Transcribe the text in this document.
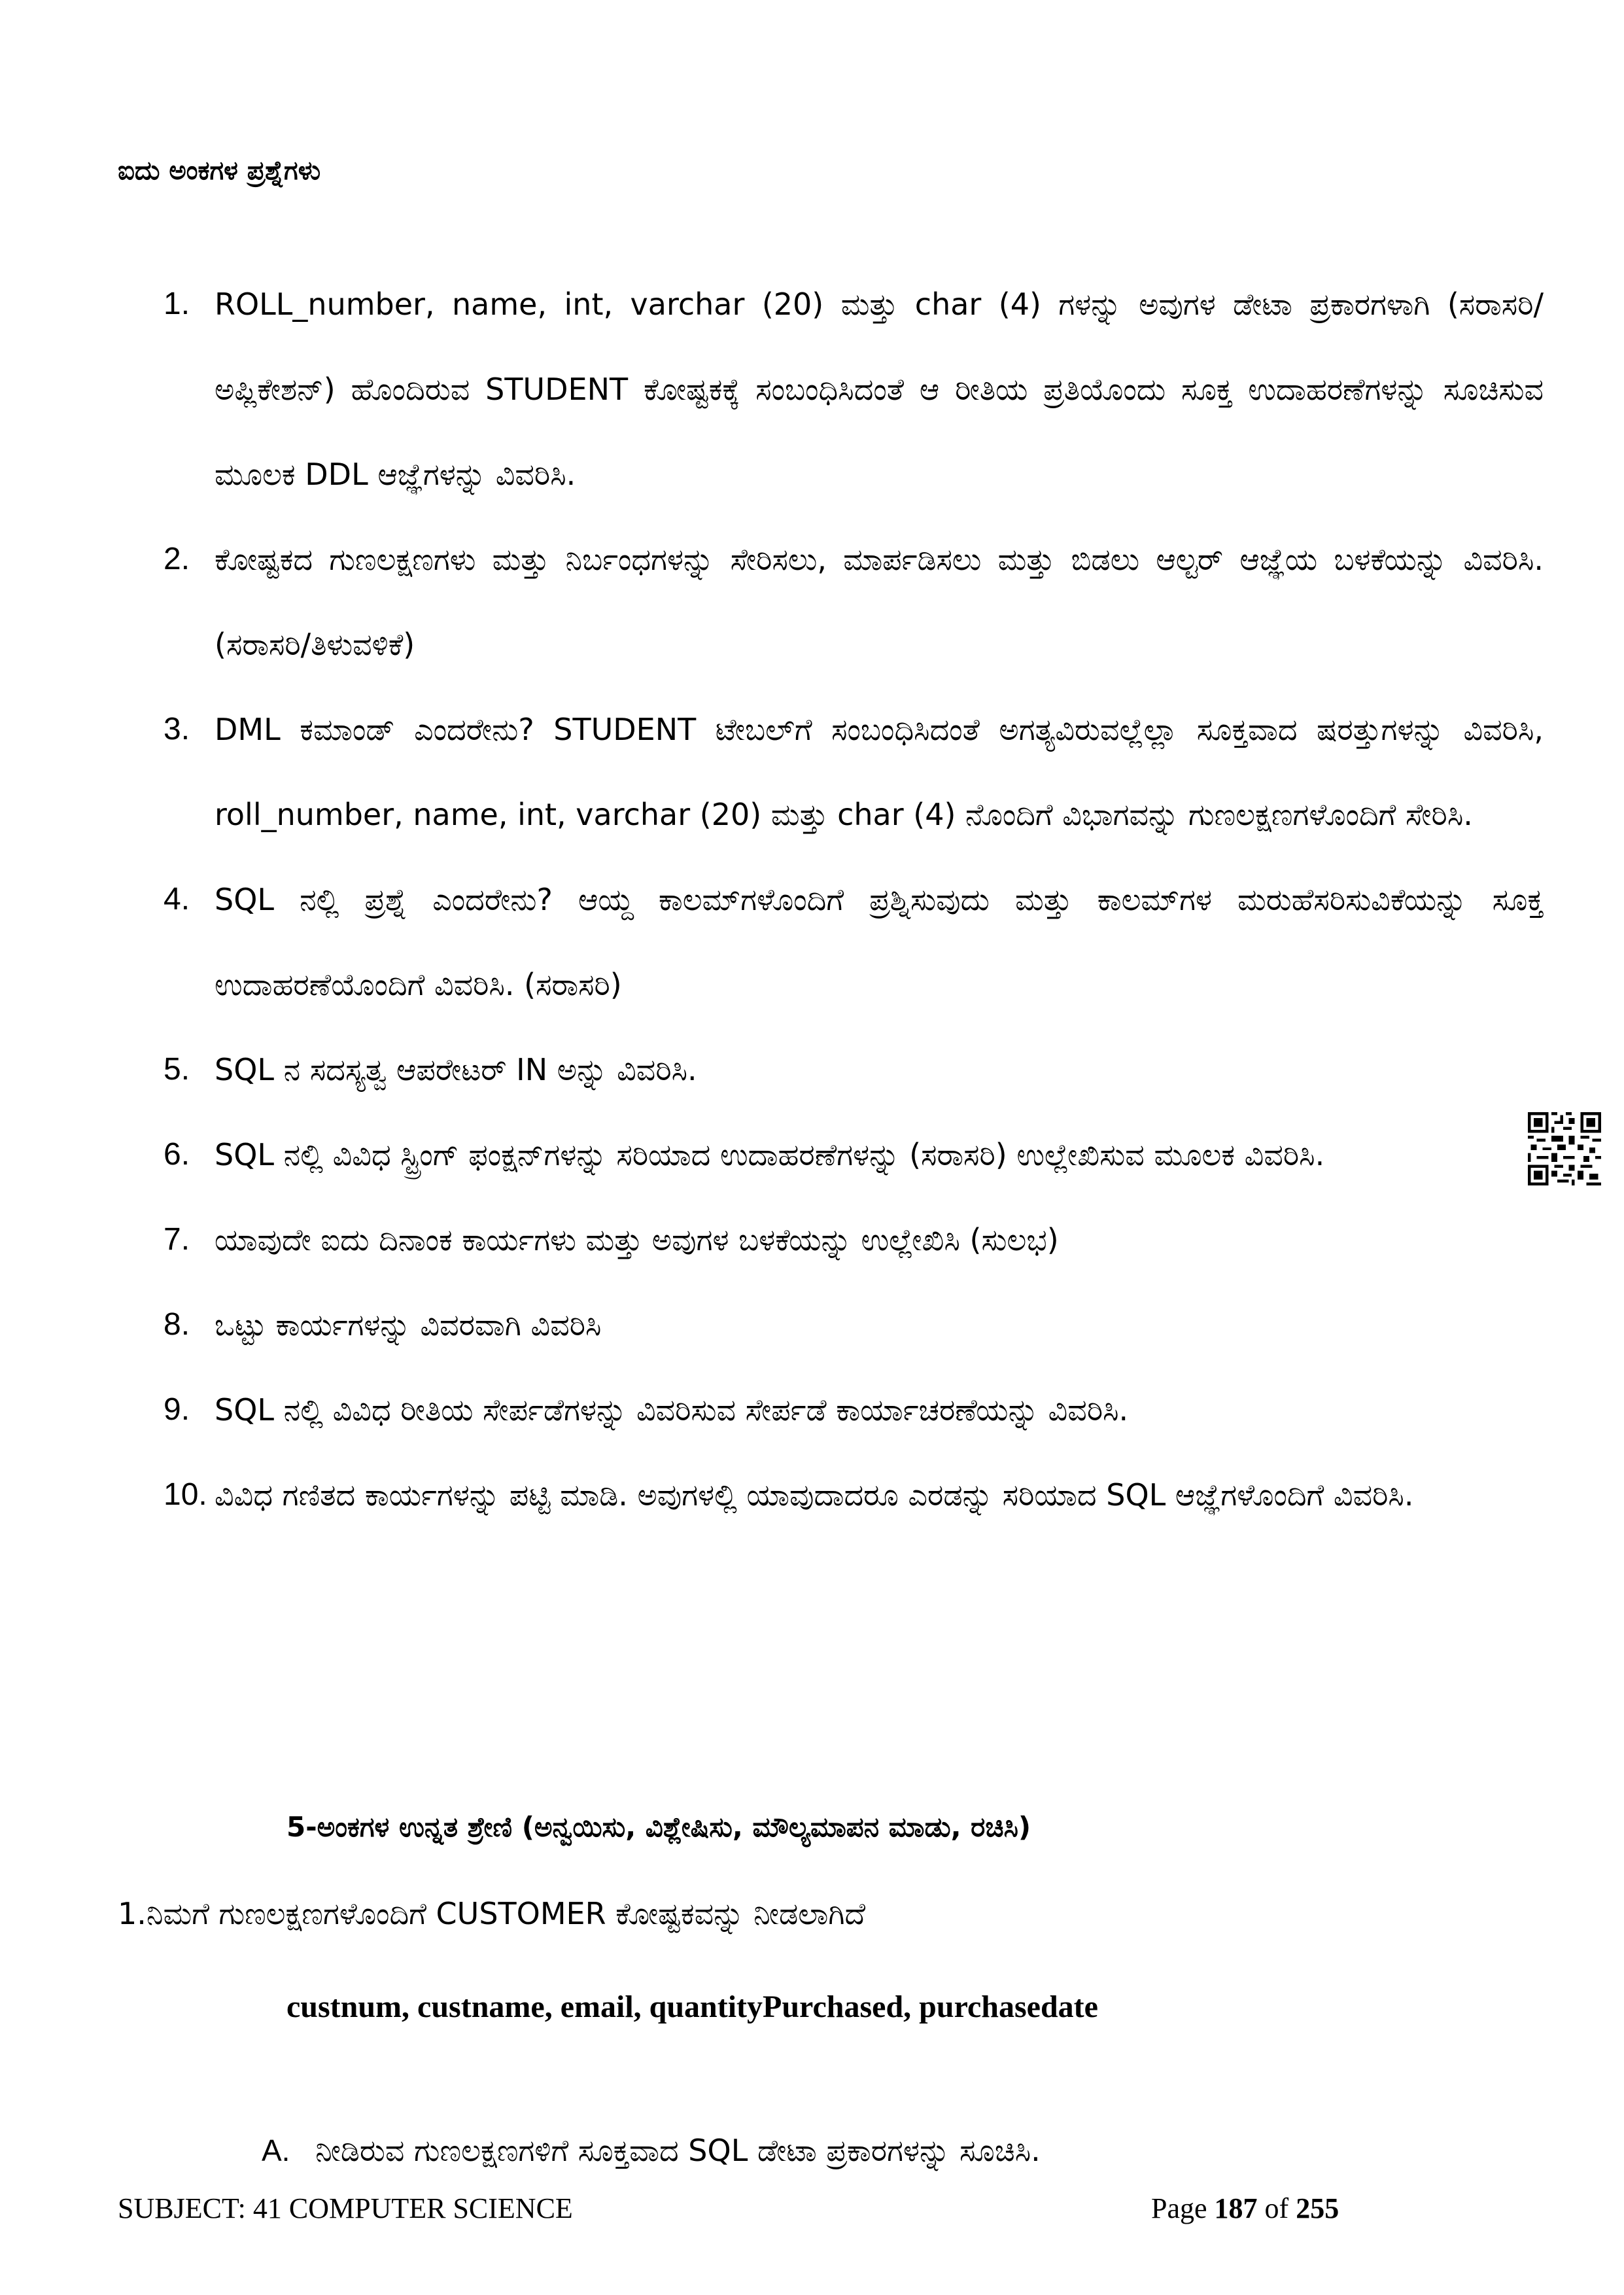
ಐದು ಅಂಕಗಳ ಪ್ರಶ್ನೆಗಳು
1. ROLL_number, name, int, varchar (20) ಮತ್ತು char (4) ಗಳನ್ನು ಅವುಗಳ ಡೇಟಾ ಪ್ರಕಾರಗಳಾಗಿ (ಸರಾಸರಿ/ಅಪ್ಲಿಕೇಶನ್) ಹೊಂದಿರುವ STUDENT ಕೋಷ್ಟಕಕ್ಕೆ ಸಂಬಂಧಿಸಿದಂತೆ ಆ ರೀತಿಯ ಪ್ರತಿಯೊಂದು ಸೂಕ್ತ ಉದಾಹರಣೆಗಳನ್ನು ಸೂಚಿಸುವ ಮೂಲಕ DDL ಆಜ್ಞೆಗಳನ್ನು ವಿವರಿಸಿ.
2. ಕೋಷ್ಟಕದ ಗುಣಲಕ್ಷಣಗಳು ಮತ್ತು ನಿರ್ಬಂಧಗಳನ್ನು ಸೇರಿಸಲು, ಮಾರ್ಪಡಿಸಲು ಮತ್ತು ಬಿಡಲು ಆಲ್ಟರ್ ಆಜ್ಞೆಯ ಬಳಕೆಯನ್ನು ವಿವರಿಸಿ. (ಸರಾಸರಿ/ತಿಳುವಳಿಕೆ)
3. DML ಕಮಾಂಡ್ ಎಂದರೇನು? STUDENT ಟೇಬಲ್‌ಗೆ ಸಂಬಂಧಿಸಿದಂತೆ ಅಗತ್ಯವಿರುವಲ್ಲೆಲ್ಲಾ ಸೂಕ್ತವಾದ ಷರತ್ತುಗಳನ್ನು ವಿವರಿಸಿ, roll_number, name, int, varchar (20) ಮತ್ತು char (4) ನೊಂದಿಗೆ ವಿಭಾಗವನ್ನು ಗುಣಲಕ್ಷಣಗಳೊಂದಿಗೆ ಸೇರಿಸಿ.
4. SQL ನಲ್ಲಿ ಪ್ರಶ್ನೆ ಎಂದರೇನು? ಆಯ್ದ ಕಾಲಮ್‌ಗಳೊಂದಿಗೆ ಪ್ರಶ್ನಿಸುವುದು ಮತ್ತು ಕಾಲಮ್‌ಗಳ ಮರುಹೆಸರಿಸುವಿಕೆಯನ್ನು ಸೂಕ್ತ ಉದಾಹರಣೆಯೊಂದಿಗೆ ವಿವರಿಸಿ. (ಸರಾಸರಿ)
5. SQL ನ ಸದಸ್ಯತ್ವ ಆಪರೇಟರ್ IN ಅನ್ನು ವಿವರಿಸಿ.
6. SQL ನಲ್ಲಿ ವಿವಿಧ ಸ್ಟ್ರಿಂಗ್ ಫಂಕ್ಷನ್‌ಗಳನ್ನು ಸರಿಯಾದ ಉದಾಹರಣೆಗಳನ್ನು (ಸರಾಸರಿ) ಉಲ್ಲೇಖಿಸುವ ಮೂಲಕ ವಿವರಿಸಿ.
7. ಯಾವುದೇ ಐದು ದಿನಾಂಕ ಕಾರ್ಯಗಳು ಮತ್ತು ಅವುಗಳ ಬಳಕೆಯನ್ನು ಉಲ್ಲೇಖಿಸಿ (ಸುಲಭ)
8. ಒಟ್ಟು ಕಾರ್ಯಗಳನ್ನು ವಿವರವಾಗಿ ವಿವರಿಸಿ
9. SQL ನಲ್ಲಿ ವಿವಿಧ ರೀತಿಯ ಸೇರ್ಪಡೆಗಳನ್ನು ವಿವರಿಸುವ ಸೇರ್ಪಡೆ ಕಾರ್ಯಾಚರಣೆಯನ್ನು ವಿವರಿಸಿ.
10. ವಿವಿಧ ಗಣಿತದ ಕಾರ್ಯಗಳನ್ನು ಪಟ್ಟಿ ಮಾಡಿ. ಅವುಗಳಲ್ಲಿ ಯಾವುದಾದರೂ ಎರಡನ್ನು ಸರಿಯಾದ SQL ಆಜ್ಞೆಗಳೊಂದಿಗೆ ವಿವರಿಸಿ.
5-ಅಂಕಗಳ ಉನ್ನತ ಶ್ರೇಣಿ (ಅನ್ವಯಿಸು, ವಿಶ್ಲೇಷಿಸು, ಮೌಲ್ಯಮಾಪನ ಮಾಡು, ರಚಿಸಿ)
1.ನಿಮಗೆ ಗುಣಲಕ್ಷಣಗಳೊಂದಿಗೆ CUSTOMER ಕೋಷ್ಟಕವನ್ನು ನೀಡಲಾಗಿದೆ
custnum, custname, email, quantityPurchased, purchasedate
A. ನೀಡಿರುವ ಗುಣಲಕ್ಷಣಗಳಿಗೆ ಸೂಕ್ತವಾದ SQL ಡೇಟಾ ಪ್ರಕಾರಗಳನ್ನು ಸೂಚಿಸಿ.
SUBJECT: 41 COMPUTER SCIENCE	Page 187 of 255
